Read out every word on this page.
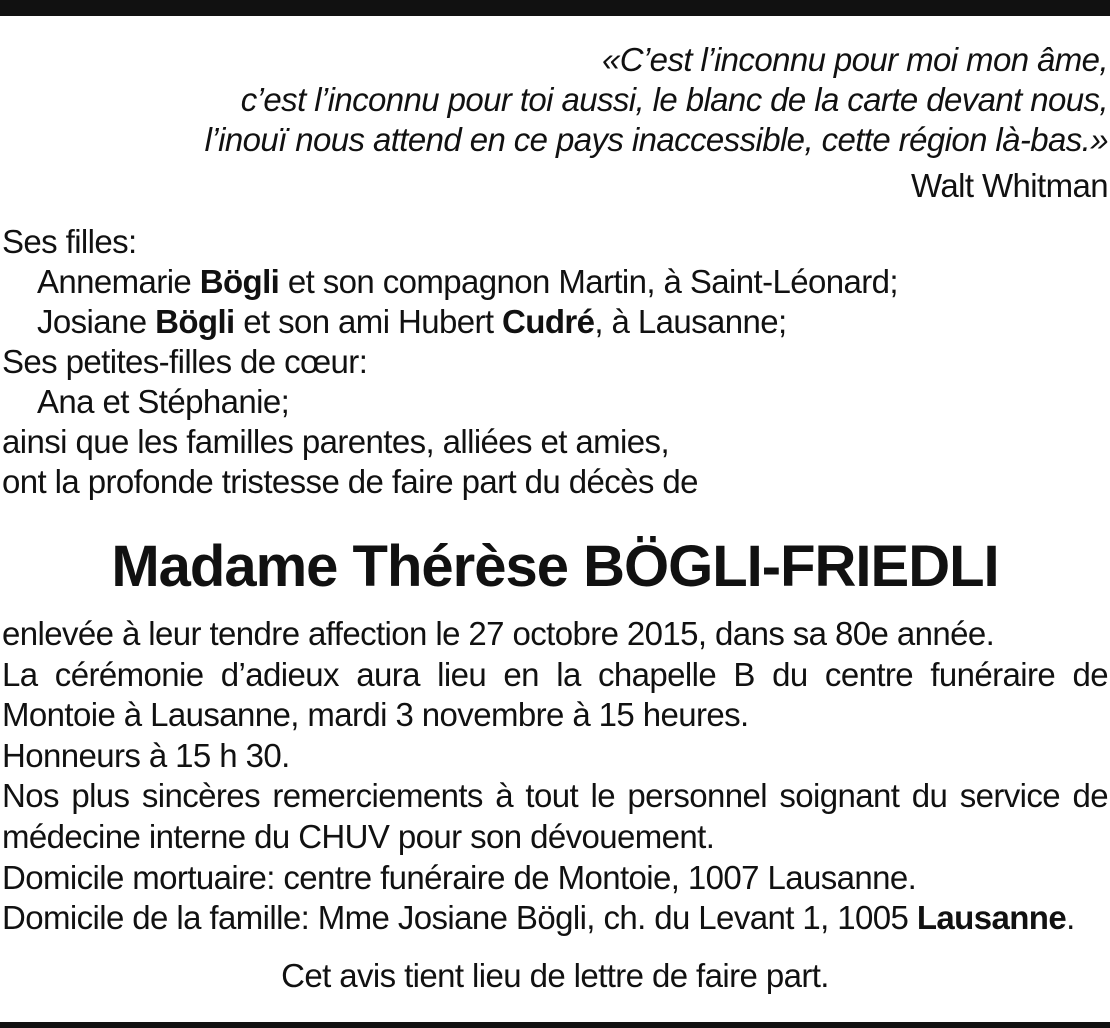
«C’est l’inconnu pour moi mon âme,
c’est l’inconnu pour toi aussi, le blanc de la carte devant nous,
l’inouï nous attend en ce pays inaccessible, cette région là-bas.»
Walt Whitman
Ses filles:
Annemarie Bögli et son compagnon Martin, à Saint-Léonard;
Josiane Bögli et son ami Hubert Cudré, à Lausanne;
Ses petites-filles de cœur:
Ana et Stéphanie;
ainsi que les familles parentes, alliées et amies,
ont la profonde tristesse de faire part du décès de
Madame Thérèse BÖGLI-FRIEDLI
enlevée à leur tendre affection le 27 octobre 2015, dans sa 80e année.
La cérémonie d’adieux aura lieu en la chapelle B du centre funéraire de
Montoie à Lausanne, mardi 3 novembre à 15 heures.
Honneurs à 15 h 30.
Nos plus sincères remerciements à tout le personnel soignant du service de
médecine interne du CHUV pour son dévouement.
Domicile mortuaire: centre funéraire de Montoie, 1007 Lausanne.
Domicile de la famille: Mme Josiane Bögli, ch. du Levant 1, 1005 Lausanne.
Cet avis tient lieu de lettre de faire part.
